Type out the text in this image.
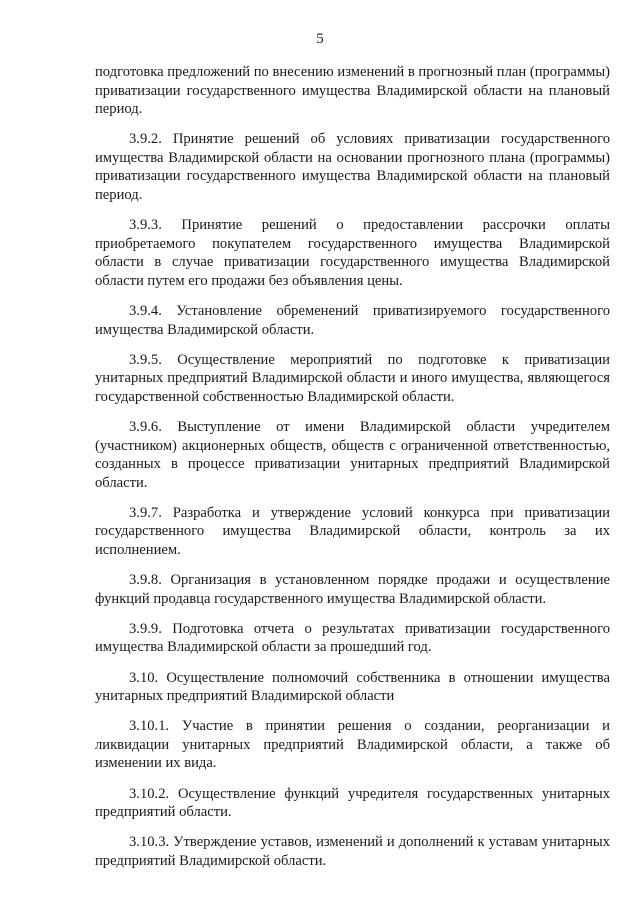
5

подготовка предложений по внесению изменений в прогнозный план (программы) приватизации государственного имущества Владимирской области на плановый период.

3.9.2. Принятие решений об условиях приватизации государственного имущества Владимирской области на основании прогнозного плана (программы) приватизации государственного имущества Владимирской области на плановый период.

3.9.3. Принятие решений о предоставлении рассрочки оплаты приобретаемого покупателем государственного имущества Владимирской области в случае приватизации государственного имущества Владимирской области путем его продажи без объявления цены.

3.9.4. Установление обременений приватизируемого государственного имущества Владимирской области.

3.9.5. Осуществление мероприятий по подготовке к приватизации унитарных предприятий Владимирской области и иного имущества, являющегося государственной собственностью Владимирской области.

3.9.6. Выступление от имени Владимирской области учредителем (участником) акционерных обществ, обществ с ограниченной ответственностью, созданных в процессе приватизации унитарных предприятий Владимирской области.

3.9.7. Разработка и утверждение условий конкурса при приватизации государственного имущества Владимирской области, контроль за их исполнением.

3.9.8. Организация в установленном порядке продажи и осуществление функций продавца государственного имущества Владимирской области.

3.9.9. Подготовка отчета о результатах приватизации государственного имущества Владимирской области за прошедший год.

3.10. Осуществление полномочий собственника в отношении имущества унитарных предприятий Владимирской области

3.10.1. Участие в принятии решения о создании, реорганизации и ликвидации унитарных предприятий Владимирской области, а также об изменении их вида.

3.10.2. Осуществление функций учредителя государственных унитарных предприятий области.

3.10.3. Утверждение уставов, изменений и дополнений к уставам унитарных предприятий Владимирской области.
